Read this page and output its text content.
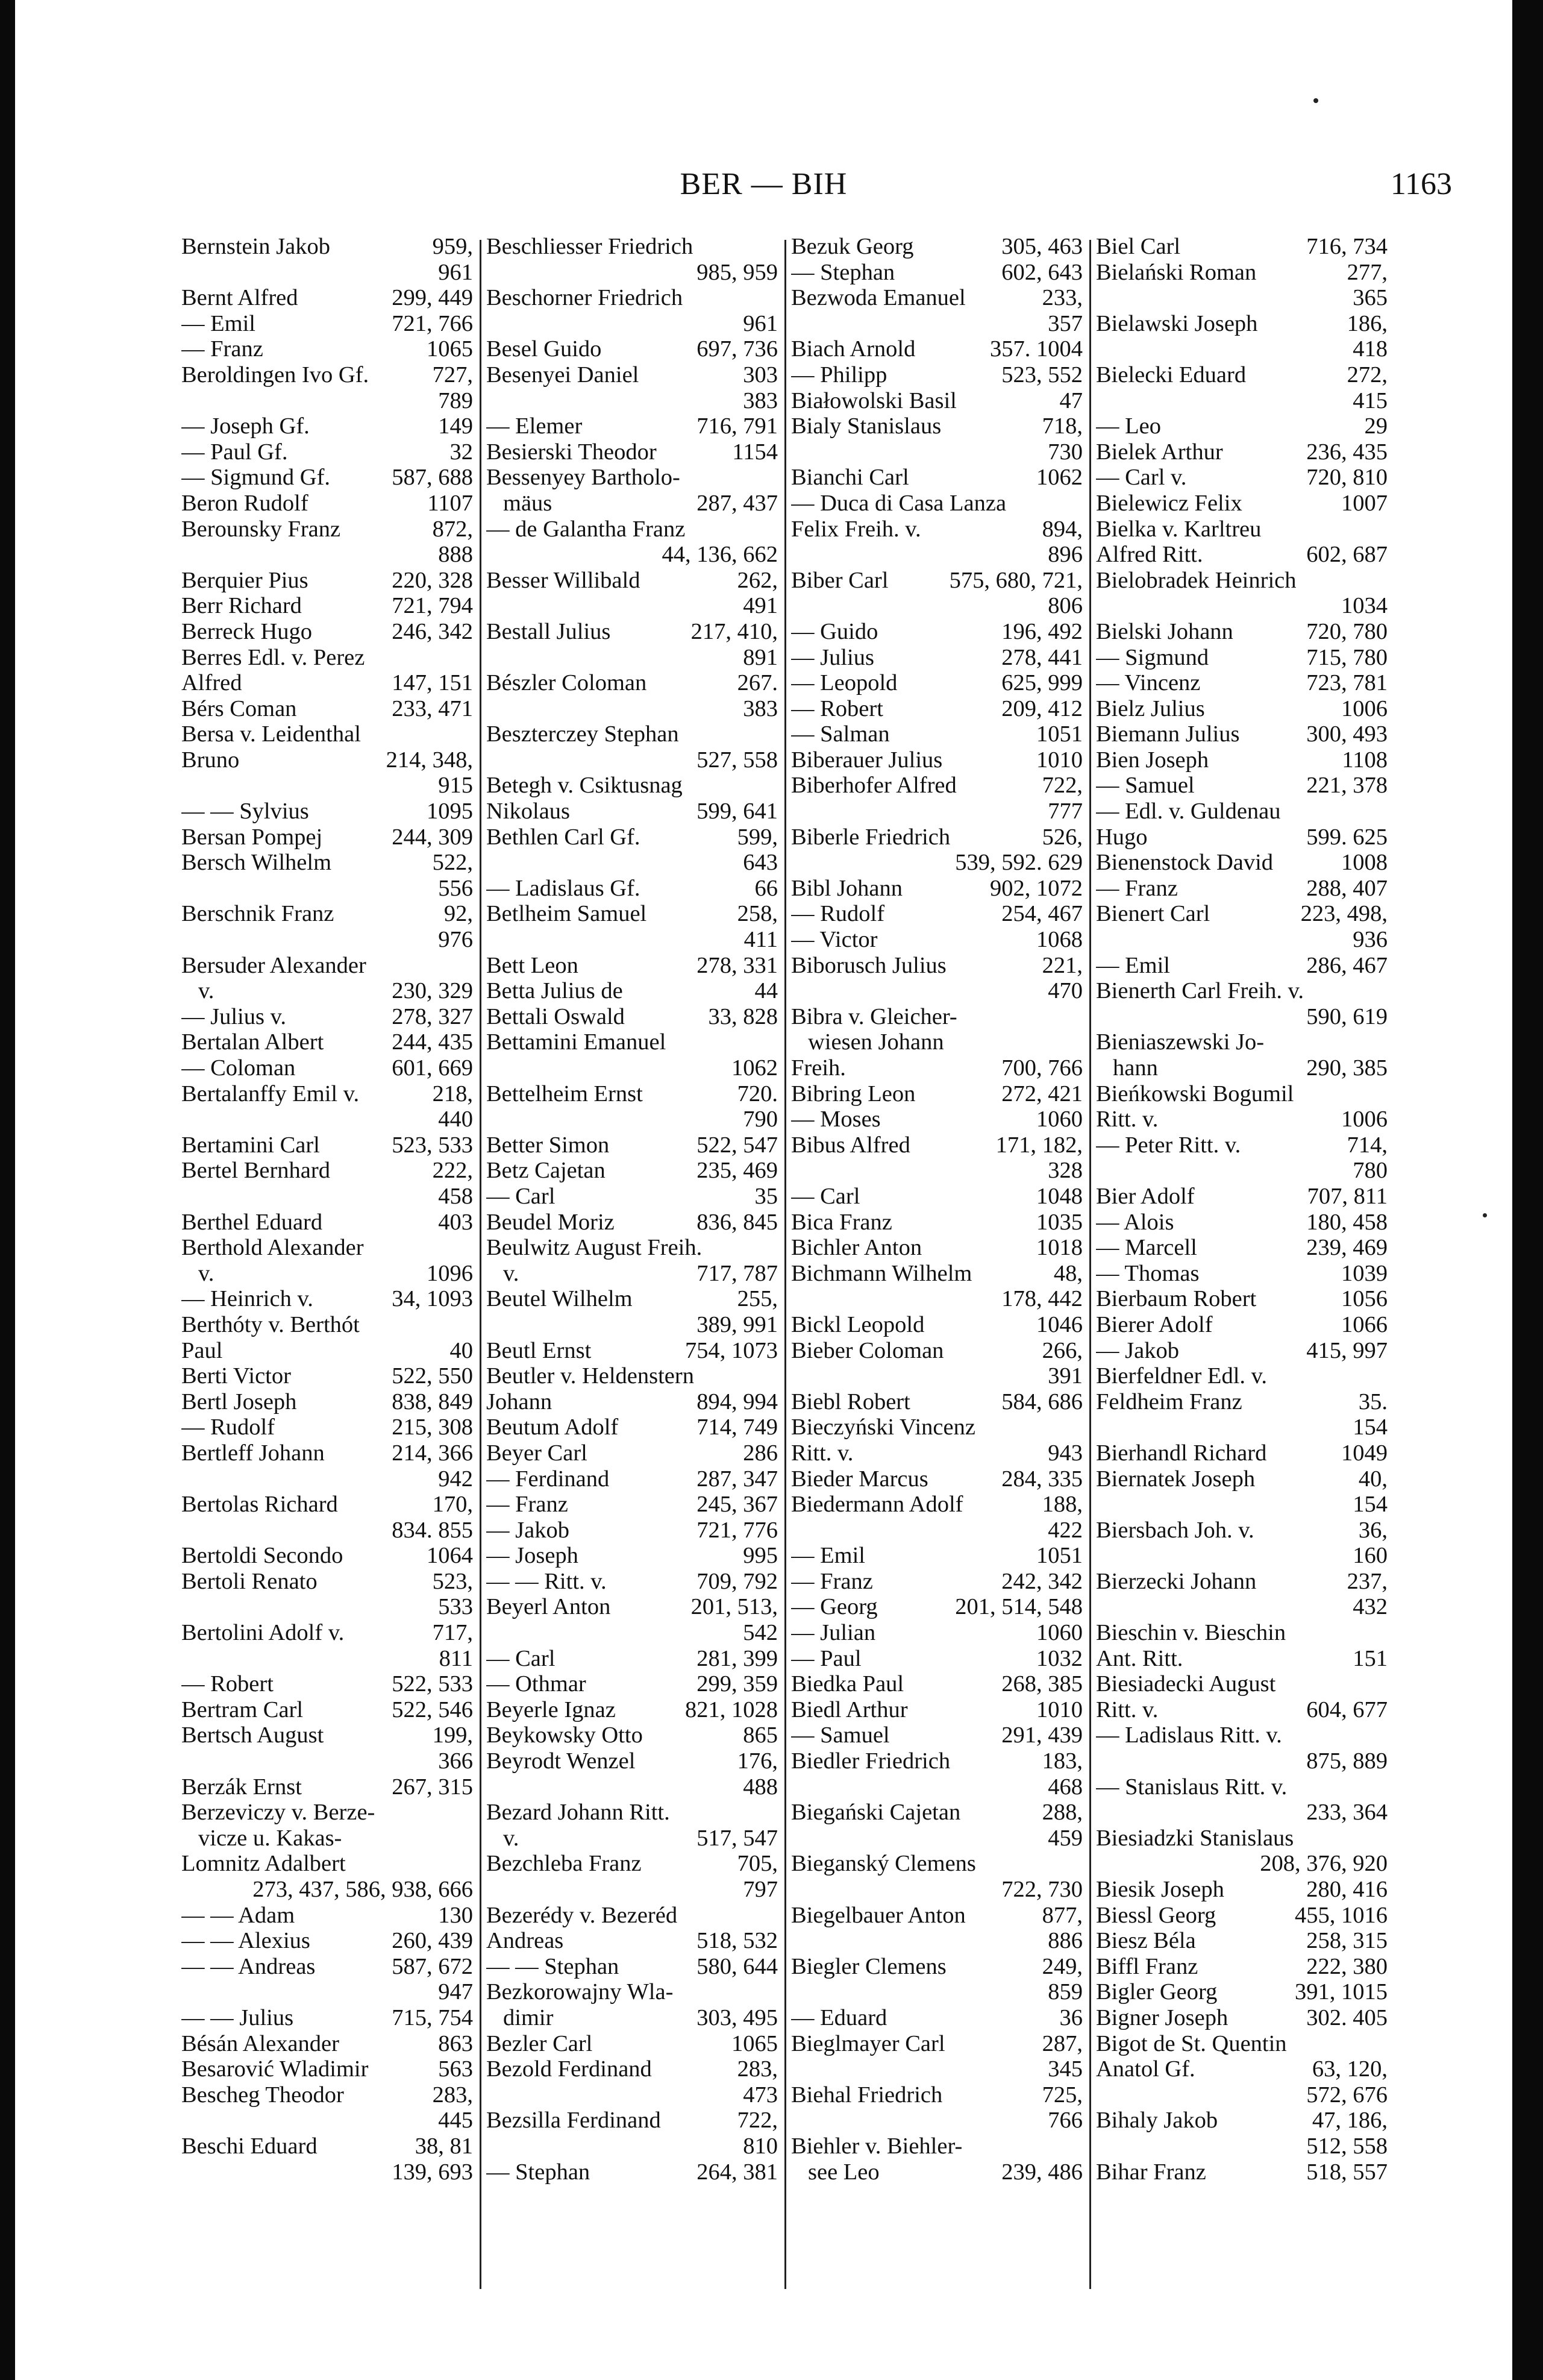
BER — BIH	1163
Bernstein Jakob	959,
961
Bernt Alfred	299, 449
— Emil	721, 766
— Franz	1065
Beroldingen Ivo Gf.	727,
789
— Joseph Gf.	149
— Paul Gf.	32
— Sigmund Gf.	587, 688
Beron Rudolf	1107
Berounsky Franz	872,
888
Berquier Pius	220, 328
Berr Richard	721, 794
Berreck Hugo	246, 342
Berres Edl. v. Perez
Alfred	147, 151
Bérs Coman	233, 471
Bersa v. Leidenthal
Bruno	214, 348,
915
— — Sylvius	1095
Bersan Pompej	244, 309
Bersch Wilhelm	522,
556
Berschnik Franz	92,
976
Bersuder Alexander
v.	230, 329
— Julius v.	278, 327
Bertalan Albert	244, 435
— Coloman	601, 669
Bertalanffy Emil v.	218,
440
Bertamini Carl	523, 533
Bertel Bernhard	222,
458
Berthel Eduard	403
Berthold Alexander
v.	1096
— Heinrich v.	34, 1093
Berthóty v. Berthót
Paul	40
Berti Victor	522, 550
Bertl Joseph	838, 849
— Rudolf	215, 308
Bertleff Johann	214, 366
942
Bertolas Richard	170,
834. 855
Bertoldi Secondo	1064
Bertoli Renato	523,
533
Bertolini Adolf v.	717,
811
— Robert	522, 533
Bertram Carl	522, 546
Bertsch August	199,
366
Berzák Ernst	267, 315
Berzeviczy v. Berze-
vicze u. Kakas-
Lomnitz Adalbert
273, 437, 586, 938, 666
— — Adam	130
— — Alexius	260, 439
— — Andreas	587, 672
947
— — Julius	715, 754
Bésán Alexander	863
Besarović Wladimir	563
Bescheg Theodor	283,
445
Beschi Eduard	38, 81
139, 693
Beschliesser Friedrich
985, 959
Beschorner Friedrich
961
Besel Guido	697, 736
Besenyei Daniel	303
383
— Elemer	716, 791
Besierski Theodor	1154
Bessenyey Bartholo-
mäus	287, 437
— de Galantha Franz
44, 136, 662
Besser Willibald	262,
491
Bestall Julius	217, 410,
891
Bészler Coloman	267.
383
Beszterczey Stephan
527, 558
Betegh v. Csiktusnag
Nikolaus	599, 641
Bethlen Carl Gf.	599,
643
— Ladislaus Gf.	66
Betlheim Samuel	258,
411
Bett Leon	278, 331
Betta Julius de	44
Bettali Oswald	33, 828
Bettamini Emanuel
1062
Bettelheim Ernst	720.
790
Better Simon	522, 547
Betz Cajetan	235, 469
— Carl	35
Beudel Moriz	836, 845
Beulwitz August Freih.
v.	717, 787
Beutel Wilhelm	255,
389, 991
Beutl Ernst	754, 1073
Beutler v. Heldenstern
Johann	894, 994
Beutum Adolf	714, 749
Beyer Carl	286
— Ferdinand	287, 347
— Franz	245, 367
— Jakob	721, 776
— Joseph	995
— — Ritt. v.	709, 792
Beyerl Anton	201, 513,
542
— Carl	281, 399
— Othmar	299, 359
Beyerle Ignaz	821, 1028
Beykowsky Otto	865
Beyrodt Wenzel	176,
488
Bezard Johann Ritt.
v.	517, 547
Bezchleba Franz	705,
797
Bezerédy v. Bezeréd
Andreas	518, 532
— — Stephan	580, 644
Bezkorowajny Wla-
dimir	303, 495
Bezler Carl	1065
Bezold Ferdinand	283,
473
Bezsilla Ferdinand	722,
810
— Stephan	264, 381
Bezuk Georg	305, 463
— Stephan	602, 643
Bezwoda Emanuel	233,
357
Biach Arnold	357. 1004
— Philipp	523, 552
Białowolski Basil	47
Bialy Stanislaus	718,
730
Bianchi Carl	1062
— Duca di Casa Lanza
Felix Freih. v.	894,
896
Biber Carl	575, 680, 721,
806
— Guido	196, 492
— Julius	278, 441
— Leopold	625, 999
— Robert	209, 412
— Salman	1051
Biberauer Julius	1010
Biberhofer Alfred	722,
777
Biberle Friedrich	526,
539, 592. 629
Bibl Johann	902, 1072
— Rudolf	254, 467
— Victor	1068
Biborusch Julius	221,
470
Bibra v. Gleicher-
wiesen Johann
Freih.	700, 766
Bibring Leon	272, 421
— Moses	1060
Bibus Alfred	171, 182,
328
— Carl	1048
Bica Franz	1035
Bichler Anton	1018
Bichmann Wilhelm	48,
178, 442
Bickl Leopold	1046
Bieber Coloman	266,
391
Biebl Robert	584, 686
Bieczyński Vincenz
Ritt. v.	943
Bieder Marcus	284, 335
Biedermann Adolf	188,
422
— Emil	1051
— Franz	242, 342
— Georg	201, 514, 548
— Julian	1060
— Paul	1032
Biedka Paul	268, 385
Biedl Arthur	1010
— Samuel	291, 439
Biedler Friedrich	183,
468
Biegański Cajetan	288,
459
Bieganský Clemens
722, 730
Biegelbauer Anton	877,
886
Biegler Clemens	249,
859
— Eduard	36
Bieglmayer Carl	287,
345
Biehal Friedrich	725,
766
Biehler v. Biehler-
see Leo	239, 486
Biel Carl	716, 734
Bielański Roman	277,
365
Bielawski Joseph	186,
418
Bielecki Eduard	272,
415
— Leo	29
Bielek Arthur	236, 435
— Carl v.	720, 810
Bielewicz Felix	1007
Bielka v. Karltreu
Alfred Ritt.	602, 687
Bielobradek Heinrich
1034
Bielski Johann	720, 780
— Sigmund	715, 780
— Vincenz	723, 781
Bielz Julius	1006
Biemann Julius	300, 493
Bien Joseph	1108
— Samuel	221, 378
— Edl. v. Guldenau
Hugo	599. 625
Bienenstock David	1008
— Franz	288, 407
Bienert Carl	223, 498,
936
— Emil	286, 467
Bienerth Carl Freih. v.
590, 619
Bieniaszewski Jo-
hann	290, 385
Bieńkowski Bogumil
Ritt. v.	1006
— Peter Ritt. v.	714,
780
Bier Adolf	707, 811
— Alois	180, 458
— Marcell	239, 469
— Thomas	1039
Bierbaum Robert	1056
Bierer Adolf	1066
— Jakob	415, 997
Bierfeldner Edl. v.
Feldheim Franz	35.
154
Bierhandl Richard	1049
Biernatek Joseph	40,
154
Biersbach Joh. v.	36,
160
Bierzecki Johann	237,
432
Bieschin v. Bieschin
Ant. Ritt.	151
Biesiadecki August
Ritt. v.	604, 677
— Ladislaus Ritt. v.
875, 889
— Stanislaus Ritt. v.
233, 364
Biesiadzki Stanislaus
208, 376, 920
Biesik Joseph	280, 416
Biessl Georg	455, 1016
Biesz Béla	258, 315
Biffl Franz	222, 380
Bigler Georg	391, 1015
Bigner Joseph	302. 405
Bigot de St. Quentin
Anatol Gf.	63, 120,
572, 676
Bihaly Jakob	47, 186,
512, 558
Bihar Franz	518, 557
